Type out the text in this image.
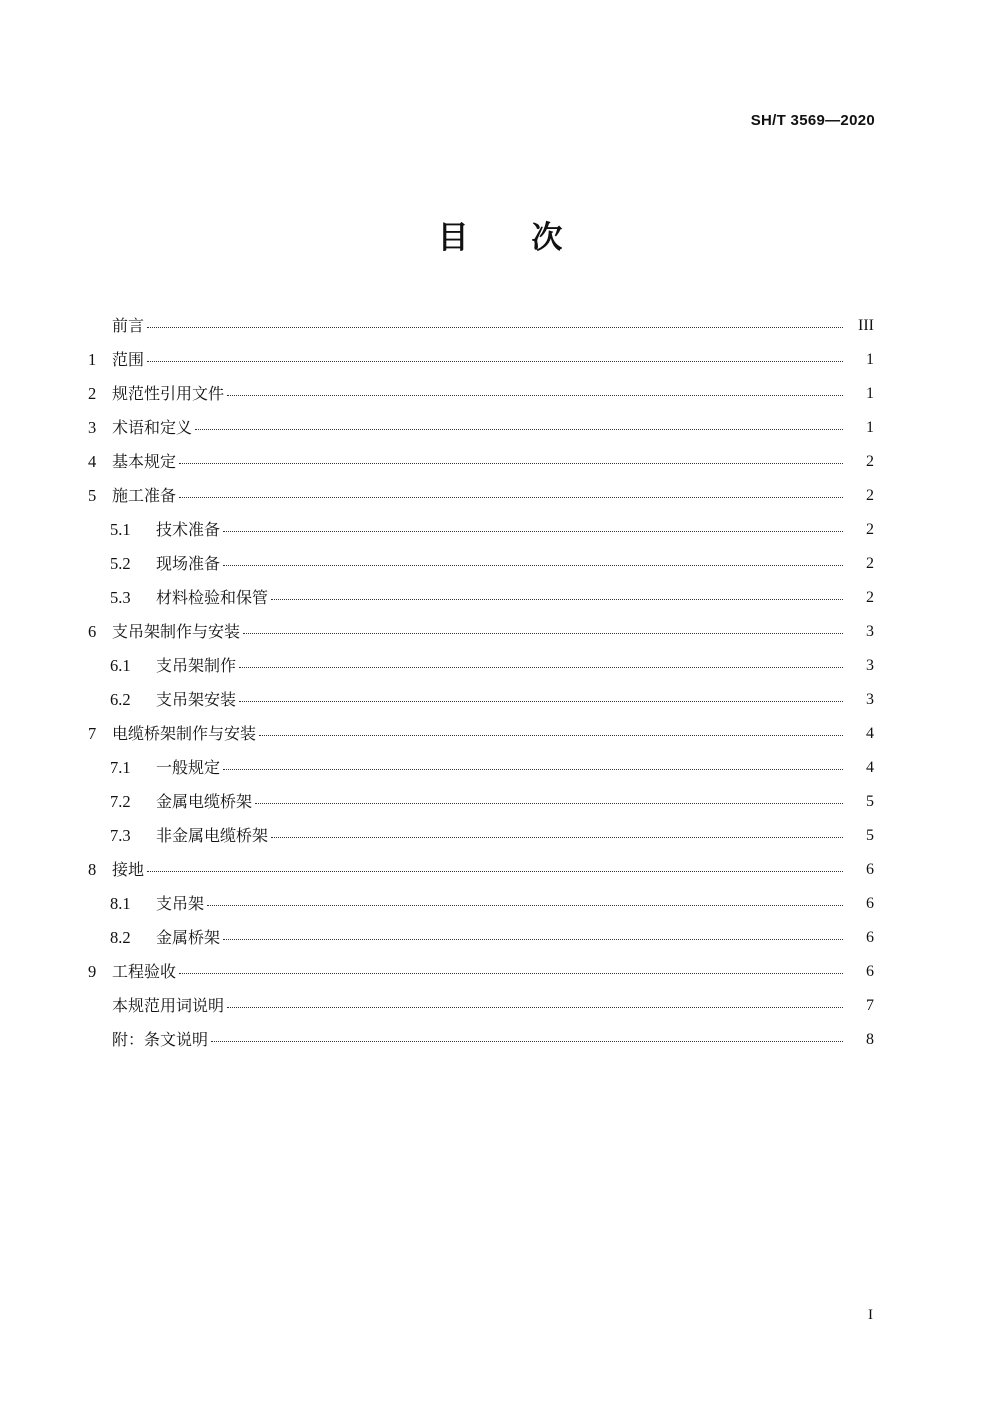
SH/T 3569—2020
目 次
前言	III
1 范围	1
2 规范性引用文件	1
3 术语和定义	1
4 基本规定	2
5 施工准备	2
5.1	技术准备	2
5.2	现场准备	2
5.3	材料检验和保管	2
6 支吊架制作与安装	3
6.1	支吊架制作	3
6.2	支吊架安装	3
7 电缆桥架制作与安装	4
7.1	一般规定	4
7.2	金属电缆桥架	5
7.3	非金属电缆桥架	5
8 接地	6
8.1	支吊架	6
8.2	金属桥架	6
9 工程验收	6
本规范用词说明	7
附：条文说明	8
I
